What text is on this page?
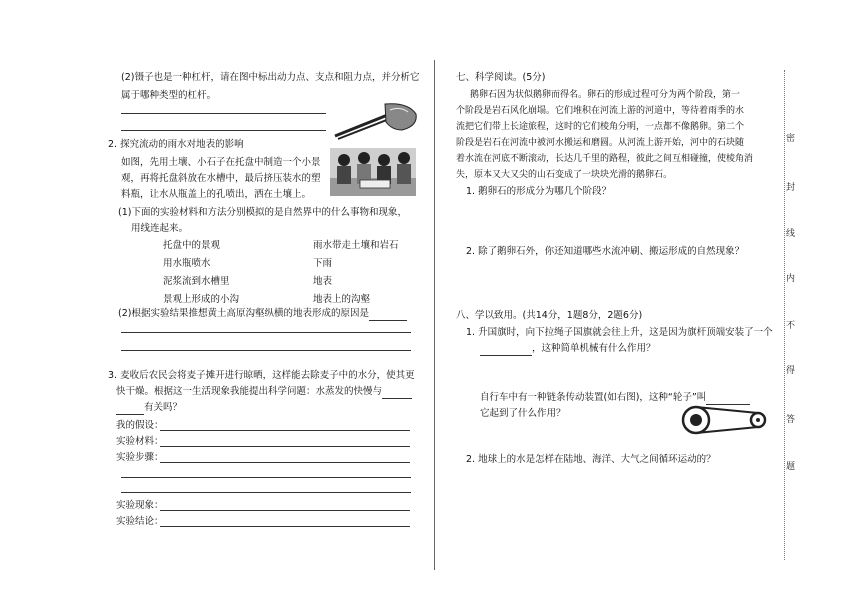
(2)镊子也是一种杠杆，请在图中标出动力点、支点和阻力点，并分析它
属于哪种类型的杠杆。
2. 探究流动的雨水对地表的影响
如图，先用土壤、小石子在托盘中制造一个小景
观，再将托盘斜放在水槽中，最后挤压装水的塑
料瓶，让水从瓶盖上的孔喷出，洒在土壤上。
(1)下面的实验材料和方法分别模拟的是自然界中的什么事物和现象，
用线连起来。
托盘中的景观
用水瓶喷水
泥浆流到水槽里
景观上形成的小沟
雨水带走土壤和岩石
下雨
地表
地表上的沟壑
(2)根据实验结果推想黄土高原沟壑纵横的地表形成的原因是
3. 麦收后农民会将麦子摊开进行晾晒，这样能去除麦子中的水分，使其更
快干燥。根据这一生活现象我能提出科学问题：水蒸发的快慢与
有关吗？
我的假设：
实验材料：
实验步骤：
实验现象：
实验结论：
七、科学阅读。(5分)
鹅卵石因为状似鹅卵而得名。卵石的形成过程可分为两个阶段，第一
个阶段是岩石风化崩塌。它们堆积在河流上游的河道中，等待着雨季的水
流把它们带上长途旅程，这时的它们棱角分明，一点都不像鹅卵。第二个
阶段是岩石在河流中被河水搬运和磨圆。从河流上游开始，河中的石块随
着水流在河底不断滚动，长达几千里的路程，彼此之间互相碰撞，使棱角消
失，原本又大又尖的山石变成了一块块光滑的鹅卵石。
1. 鹅卵石的形成分为哪几个阶段？
2. 除了鹅卵石外，你还知道哪些水流冲刷、搬运形成的自然现象？
八、学以致用。(共14分，1题8分，2题6分)
1. 升国旗时，向下拉绳子国旗就会往上升，这是因为旗杆顶端安装了一个
，这种简单机械有什么作用？
自行车中有一种链条传动装置(如右图)，这种“轮子”叫
它起到了什么作用？
2. 地球上的水是怎样在陆地、海洋、大气之间循环运动的？
密
封
线
内
不
得
答
题
